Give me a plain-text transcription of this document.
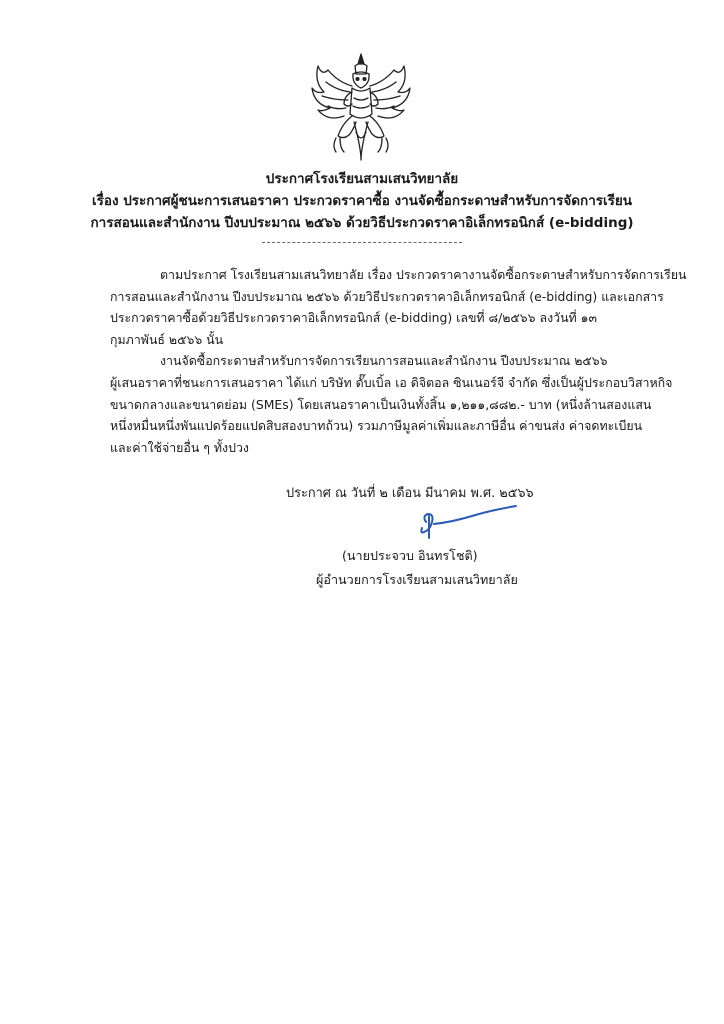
ประกาศโรงเรียนสามเสนวิทยาลัย
เรื่อง ประกาศผู้ชนะการเสนอราคา ประกวดราคาซื้อ งานจัดซื้อกระดาษสำหรับการจัดการเรียน
การสอนและสำนักงาน ปีงบประมาณ ๒๕๖๖ ด้วยวิธีประกวดราคาอิเล็กทรอนิกส์ (e-bidding)
ตามประกาศ โรงเรียนสามเสนวิทยาลัย เรื่อง ประกวดราคางานจัดซื้อกระดาษสำหรับการจัดการเรียน
การสอนและสำนักงาน ปีงบประมาณ ๒๕๖๖ ด้วยวิธีประกวดราคาอิเล็กทรอนิกส์ (e-bidding) และเอกสาร
ประกวดราคาซื้อด้วยวิธีประกวดราคาอิเล็กทรอนิกส์ (e-bidding) เลขที่ ๘/๒๕๖๖ ลงวันที่ ๑๓
กุมภาพันธ์ ๒๕๖๖ นั้น
งานจัดซื้อกระดาษสำหรับการจัดการเรียนการสอนและสำนักงาน ปีงบประมาณ ๒๕๖๖
ผู้เสนอราคาที่ชนะการเสนอราคา ได้แก่ บริษัท ดั๊บเบิ้ล เอ ดิจิตอล ซินเนอร์จี จำกัด ซึ่งเป็นผู้ประกอบวิสาหกิจ
ขนาดกลางและขนาดย่อม (SMEs) โดยเสนอราคาเป็นเงินทั้งสิ้น ๑,๒๑๑,๘๘๒.- บาท (หนึ่งล้านสองแสน
หนึ่งหมื่นหนึ่งพันแปดร้อยแปดสิบสองบาทถ้วน) รวมภาษีมูลค่าเพิ่มและภาษีอื่น ค่าขนส่ง ค่าจดทะเบียน
และค่าใช้จ่ายอื่น ๆ ทั้งปวง
ประกาศ ณ วันที่ ๒ เดือน มีนาคม พ.ศ. ๒๕๖๖
(นายประจวบ อินทรโชติ)
ผู้อำนวยการโรงเรียนสามเสนวิทยาลัย
